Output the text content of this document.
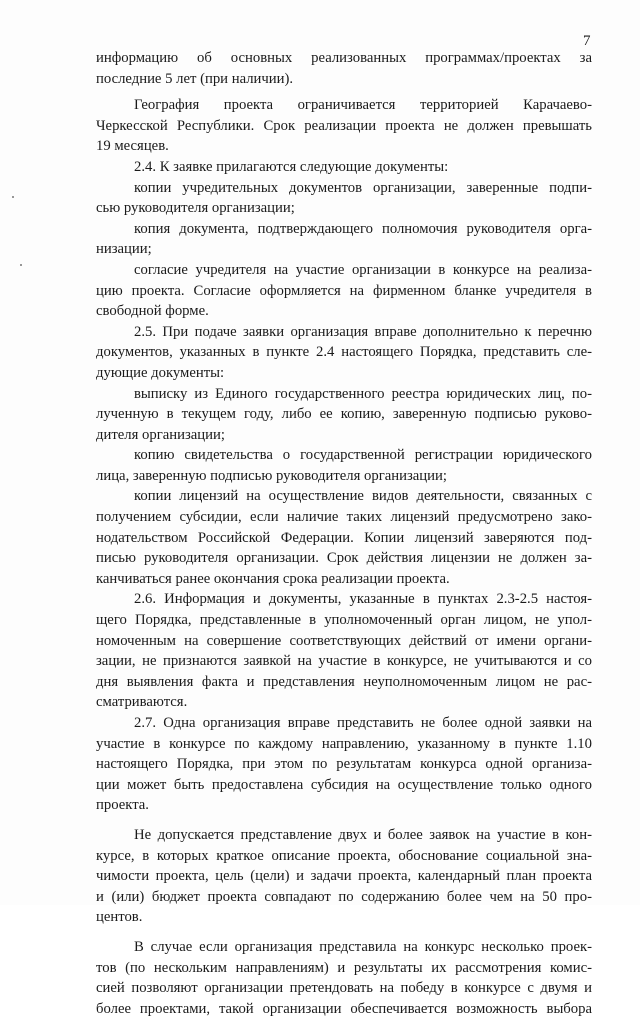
7
информацию об основных реализованных программах/проектах за
последние 5 лет (при наличии).
География проекта ограничивается территорией Карачаево-
Черкесской Республики. Срок реализации проекта не должен превышать
19 месяцев.
2.4. К заявке прилагаются следующие документы:
копии учредительных документов организации, заверенные подпи-
сью руководителя организации;
копия документа, подтверждающего полномочия руководителя орга-
низации;
согласие учредителя на участие организации в конкурсе на реализа-
цию проекта. Согласие оформляется на фирменном бланке учредителя в
свободной форме.
2.5. При подаче заявки организация вправе дополнительно к перечню
документов, указанных в пункте 2.4 настоящего Порядка, представить сле-
дующие документы:
выписку из Единого государственного реестра юридических лиц, по-
лученную в текущем году, либо ее копию, заверенную подписью руково-
дителя организации;
копию свидетельства о государственной регистрации юридического
лица, заверенную подписью руководителя организации;
копии лицензий на осуществление видов деятельности, связанных с
получением субсидии, если наличие таких лицензий предусмотрено зако-
нодательством Российской Федерации. Копии лицензий заверяются под-
писью руководителя организации. Срок действия лицензии не должен за-
канчиваться ранее окончания срока реализации проекта.
2.6. Информация и документы, указанные в пунктах 2.3-2.5 настоя-
щего Порядка, представленные в уполномоченный орган лицом, не упол-
номоченным на совершение соответствующих действий от имени органи-
зации, не признаются заявкой на участие в конкурсе, не учитываются и со
дня выявления факта и представления неуполномоченным лицом не рас-
сматриваются.
2.7. Одна организация вправе представить не более одной заявки на
участие в конкурсе по каждому направлению, указанному в пункте 1.10
настоящего Порядка, при этом по результатам конкурса одной организа-
ции может быть предоставлена субсидия на осуществление только одного
проекта.
Не допускается представление двух и более заявок на участие в кон-
курсе, в которых краткое описание проекта, обоснование социальной зна-
чимости проекта, цель (цели) и задачи проекта, календарный план проекта
и (или) бюджет проекта совпадают по содержанию более чем на 50 про-
центов.
В случае если организация представила на конкурс несколько проек-
тов (по нескольким направлениям) и результаты их рассмотрения комис-
сией позволяют организации претендовать на победу в конкурсе с двумя и
более проектами, такой организации обеспечивается возможность выбора
